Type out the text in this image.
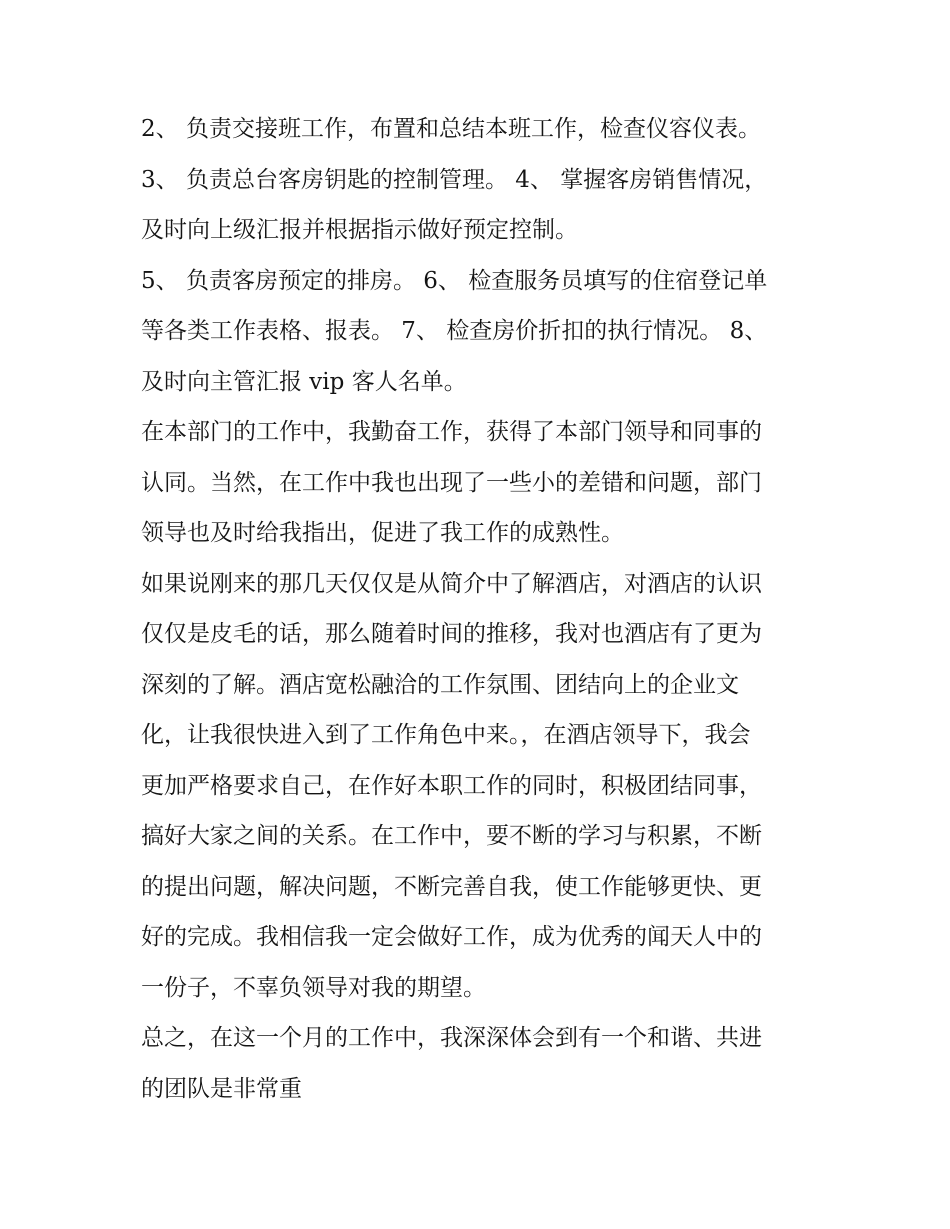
2、 负责交接班工作，布置和总结本班工作，检查仪容仪表。
3、 负责总台客房钥匙的控制管理。 4、 掌握客房销售情况，
及时向上级汇报并根据指示做好预定控制。
5、 负责客房预定的排房。 6、 检查服务员填写的住宿登记单
等各类工作表格、报表。 7、 检查房价折扣的执行情况。 8、
及时向主管汇报 vip 客人名单。
在本部门的工作中，我勤奋工作，获得了本部门领导和同事的
认同。当然，在工作中我也出现了一些小的差错和问题，部门
领导也及时给我指出，促进了我工作的成熟性。
如果说刚来的那几天仅仅是从简介中了解酒店，对酒店的认识
仅仅是皮毛的话，那么随着时间的推移，我对也酒店有了更为
深刻的了解。酒店宽松融洽的工作氛围、团结向上的企业文
化，让我很快进入到了工作角色中来。，在酒店领导下，我会
更加严格要求自己，在作好本职工作的同时，积极团结同事，
搞好大家之间的关系。在工作中，要不断的学习与积累，不断
的提出问题，解决问题，不断完善自我，使工作能够更快、更
好的完成。我相信我一定会做好工作，成为优秀的闻天人中的
一份子，不辜负领导对我的期望。
总之，在这一个月的工作中，我深深体会到有一个和谐、共进
的团队是非常重
